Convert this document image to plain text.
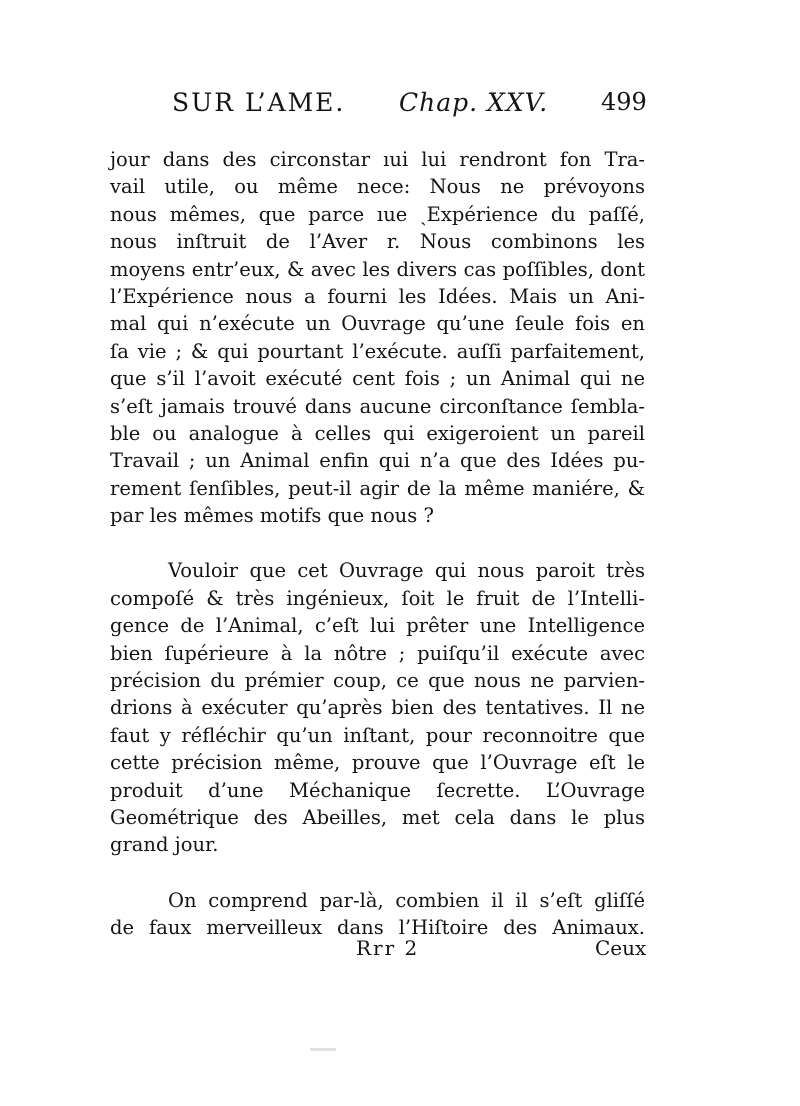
SUR L’AME. Chap. XXV. 499
jour dans des circonstar ıui lui rendront fon Tra-
vail utile, ou même nece: Nous ne prévoyons
nous mêmes, que parce ıue ˏExpérience du paſſé,
nous inſtruit de l’Aver r. Nous combinons les
moyens entr’eux, & avec les divers cas poſſibles, dont
l’Expérience nous a fourni les Idées. Mais un Ani-
mal qui n’exécute un Ouvrage qu’une ſeule fois en
ſa vie ; & qui pourtant l’exécute. auſſi parfaitement,
que s’il l’avoit exécuté cent fois ; un Animal qui ne
s’eſt jamais trouvé dans aucune circonſtance ſembla-
ble ou analogue à celles qui exigeroient un pareil
Travail ; un Animal enfin qui n’a que des Idées pu-
rement ſenſibles, peut-il agir de la même maniére, &
par les mêmes motifs que nous ?
Vouloir que cet Ouvrage qui nous paroit très
compoſé & très ingénieux, ſoit le fruit de l’Intelli-
gence de l’Animal, c’eſt lui prêter une Intelligence
bien ſupérieure à la nôtre ; puiſqu’il exécute avec
précision du prémier coup, ce que nous ne parvien-
drions à exécuter qu’après bien des tentatives. Il ne
faut y réfléchir qu’un inſtant, pour reconnoitre que
cette précision même, prouve que l’Ouvrage eſt le
produit d’une Méchanique ſecrette. L’Ouvrage
Geométrique des Abeilles, met cela dans le plus
grand jour.
On comprend par-là, combien il il s’eſt gliſſé
de faux merveilleux dans l’Hiſtoire des Animaux.
Rrr 2	Ceux
